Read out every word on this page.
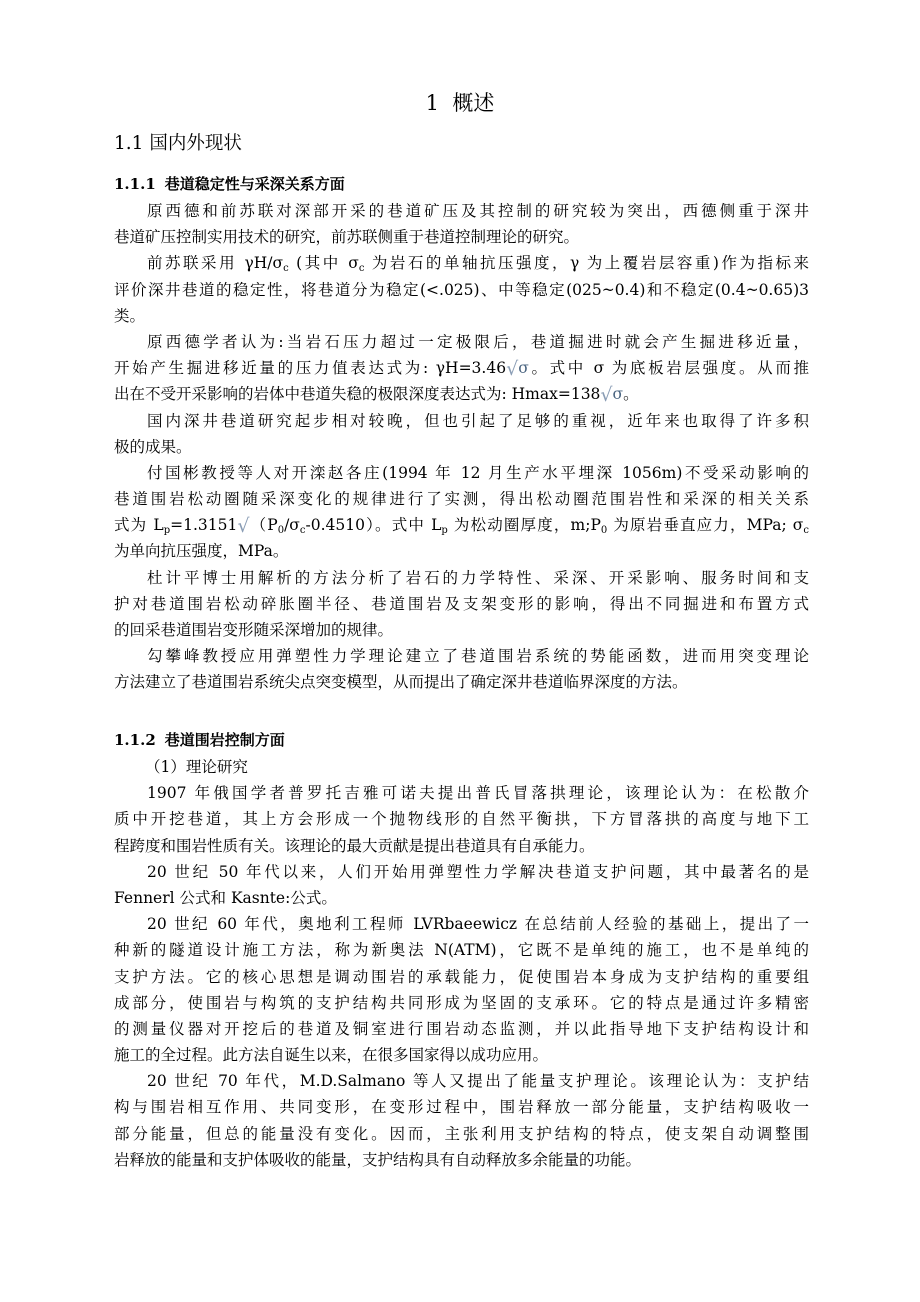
1 概述
1.1 国内外现状
1.1.1 巷道稳定性与采深关系方面
原西德和前苏联对深部开采的巷道矿压及其控制的研究较为突出，西德侧重于深井
巷道矿压控制实用技术的研究，前苏联侧重于巷道控制理论的研究。
前苏联采用 $\gamma H/\sigma_c$ (其中 $\sigma_c$ 为岩石的单轴抗压强度，γ 为上覆岩层容重)作为指标来
评价深井巷道的稳定性，将巷道分为稳定(<.025)、中等稳定(025~0.4)和不稳定(0.4~0.65)3
类。
原西德学者认为:当岩石压力超过一定极限后，巷道掘进时就会产生掘进移近量，
开始产生掘进移近量的压力值表达式为: γH=3.46√σ。式中 σ 为底板岩层强度。从而推
出在不受开采影响的岩体中巷道失稳的极限深度表达式为: Hmax=138√σ。
国内深井巷道研究起步相对较晚，但也引起了足够的重视，近年来也取得了许多积
极的成果。
付国彬教授等人对开滦赵各庄(1994 年 12 月生产水平埋深 1056m)不受采动影响的
巷道围岩松动圈随采深变化的规律进行了实测，得出松动圈范围岩性和采深的相关关系
式为 $L_p=1.3151√(P_0/\sigma_c-0.4510)$。式中 $L_p$ 为松动圈厚度，$m;P_0$ 为原岩垂直应力，MPa; $\sigma_c$
为单向抗压强度，MPa。
杜计平博士用解析的方法分析了岩石的力学特性、采深、开采影响、服务时间和支
护对巷道围岩松动碎胀圈半径、巷道围岩及支架变形的影响，得出不同掘进和布置方式
的回采巷道围岩变形随采深增加的规律。
勾攀峰教授应用弹塑性力学理论建立了巷道围岩系统的势能函数，进而用突变理论
方法建立了巷道围岩系统尖点突变模型，从而提出了确定深井巷道临界深度的方法。
1.1.2 巷道围岩控制方面
（1）理论研究
1907 年俄国学者普罗托吉雅可诺夫提出普氏冒落拱理论，该理论认为：在松散介
质中开挖巷道，其上方会形成一个抛物线形的自然平衡拱，下方冒落拱的高度与地下工
程跨度和围岩性质有关。该理论的最大贡献是提出巷道具有自承能力。
20 世纪 50 年代以来，人们开始用弹塑性力学解决巷道支护问题，其中最著名的是
Fennerl 公式和 Kasnte:公式。
20 世纪 60 年代，奥地利工程师 LVRbaeewicz 在总结前人经验的基础上，提出了一
种新的隧道设计施工方法，称为新奥法 N(ATM)，它既不是单纯的施工，也不是单纯的
支护方法。它的核心思想是调动围岩的承载能力，促使围岩本身成为支护结构的重要组
成部分，使围岩与构筑的支护结构共同形成为坚固的支承环。它的特点是通过许多精密
的测量仪器对开挖后的巷道及铜室进行围岩动态监测，并以此指导地下支护结构设计和
施工的全过程。此方法自诞生以来，在很多国家得以成功应用。
20 世纪 70 年代，M.D.Salmano 等人又提出了能量支护理论。该理论认为：支护结
构与围岩相互作用、共同变形，在变形过程中，围岩释放一部分能量，支护结构吸收一
部分能量，但总的能量没有变化。因而，主张利用支护结构的特点，使支架自动调整围
岩释放的能量和支护体吸收的能量，支护结构具有自动释放多余能量的功能。
